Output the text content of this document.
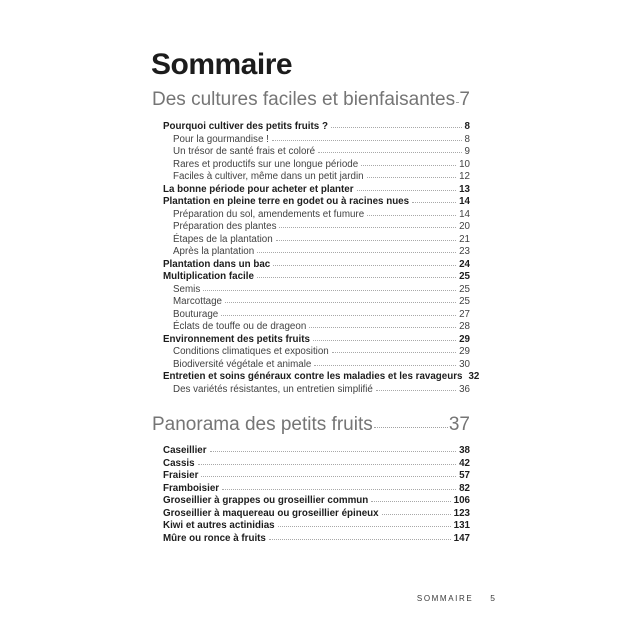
Sommaire
Des cultures faciles et bienfaisantes 7
Pourquoi cultiver des petits fruits ?	8
Pour la gourmandise !	8
Un trésor de santé frais et coloré	9
Rares et productifs sur une longue période	10
Faciles à cultiver, même dans un petit jardin	12
La bonne période pour acheter et planter	13
Plantation en pleine terre en godet ou à racines nues	14
Préparation du sol, amendements et fumure	14
Préparation des plantes	20
Étapes de la plantation	21
Après la plantation	23
Plantation dans un bac	24
Multiplication facile	25
Semis	25
Marcottage	25
Bouturage	27
Éclats de touffe ou de drageon	28
Environnement des petits fruits	29
Conditions climatiques et exposition	29
Biodiversité végétale et animale	30
Entretien et soins généraux contre les maladies et les ravageurs 32
Des variétés résistantes, un entretien simplifié	36
Panorama des petits fruits	37
Caseillier	38
Cassis	42
Fraisier	57
Framboisier	82
Groseillier à grappes ou groseillier commun	106
Groseillier à maquereau ou groseillier épineux	123
Kiwi et autres actinidias	131
Mûre ou ronce à fruits	147
SOMMAIRE 5
